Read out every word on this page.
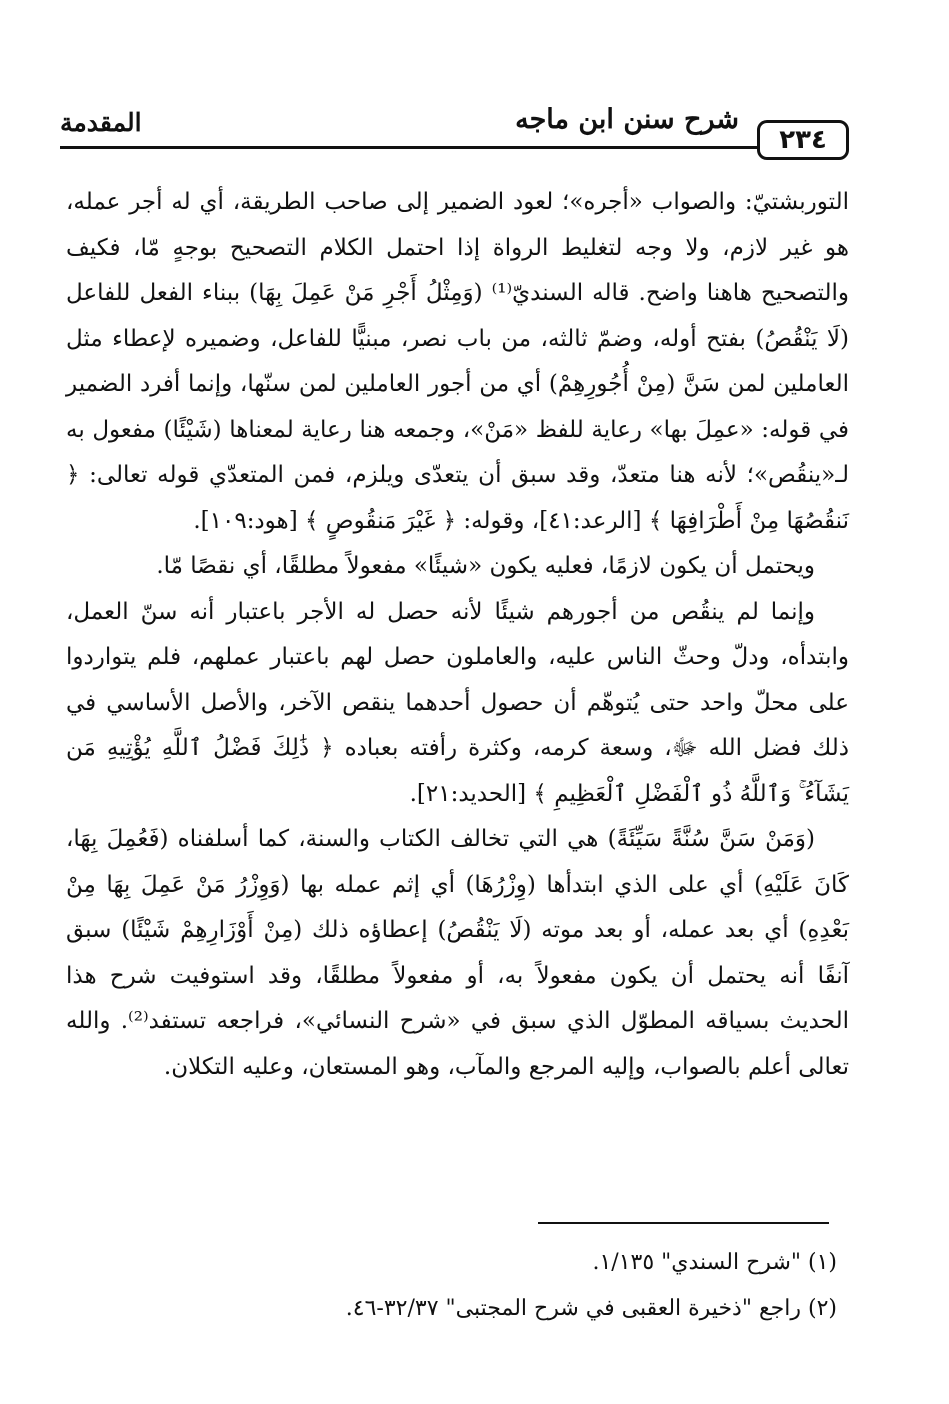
٢٣٤
شرح سنن ابن ماجه
المقدمة

التوربشتيّ: والصواب «أجره»؛ لعود الضمير إلى صاحب الطريقة، أي له أجر عمله، هو غير لازم، ولا وجه لتغليط الرواة إذا احتمل الكلام التصحيح بوجهٍ مّا، فكيف والتصحيح هاهنا واضح. قاله السنديّ⁽¹⁾ (وَمِثْلُ أَجْرِ مَنْ عَمِلَ بِهَا) ببناء الفعل للفاعل (لَا يَنْقُصُ) بفتح أوله، وضمّ ثالثه، من باب نصر، مبنيًّا للفاعل، وضميره لإعطاء مثل العاملين لمن سَنَّ (مِنْ أُجُورِهِمْ) أي من أجور العاملين لمن سنّها، وإنما أفرد الضمير في قوله: «عمِلَ بها» رعاية للفظ «مَنْ»، وجمعه هنا رعاية لمعناها (شَيْئًا) مفعول به لـ«ينقُص»؛ لأنه هنا متعدّ، وقد سبق أن يتعدّى ويلزم، فمن المتعدّي قوله تعالى: ﴿ نَنقُصُهَا مِنْ أَطْرَافِهَا ﴾ [الرعد:٤١]، وقوله: ﴿ غَيْرَ مَنقُوصٍ ﴾ [هود:١٠٩].

ويحتمل أن يكون لازمًا، فعليه يكون «شيئًا» مفعولاً مطلقًا، أي نقصًا مّا.

وإنما لم ينقُص من أجورهم شيئًا لأنه حصل له الأجر باعتبار أنه سنّ العمل، وابتدأه، ودلّ وحثّ الناس عليه، والعاملون حصل لهم باعتبار عملهم، فلم يتواردوا على محلّ واحد حتى يُتوهّم أن حصول أحدهما ينقص الآخر، والأصل الأساسي في ذلك فضل الله ﷻ، وسعة كرمه، وكثرة رأفته بعباده ﴿ ذَٰلِكَ فَضْلُ ٱللَّهِ يُؤْتِيهِ مَن يَشَآءُ ۚ وَٱللَّهُ ذُو ٱلْفَضْلِ ٱلْعَظِيمِ ﴾ [الحديد:٢١].

(وَمَنْ سَنَّ سُنَّةً سَيِّئَةً) هي التي تخالف الكتاب والسنة، كما أسلفناه (فَعُمِلَ بِهَا، كَانَ عَلَيْهِ) أي على الذي ابتدأها (وِزْرُهَا) أي إثم عمله بها (وَوِزْرُ مَنْ عَمِلَ بِهَا مِنْ بَعْدِهِ) أي بعد عمله، أو بعد موته (لَا يَنْقُصُ) إعطاؤه ذلك (مِنْ أَوْزَارِهِمْ شَيْئًا) سبق آنفًا أنه يحتمل أن يكون مفعولاً به، أو مفعولاً مطلقًا، وقد استوفيت شرح هذا الحديث بسياقه المطوّل الذي سبق في «شرح النسائي»، فراجعه تستفد⁽²⁾. والله تعالى أعلم بالصواب، وإليه المرجع والمآب، وهو المستعان، وعليه التكلان.

(١) "شرح السندي" ١/١٣٥.

(٢) راجع "ذخيرة العقبى في شرح المجتبى" ٣٢/٣٧-٤٦.
